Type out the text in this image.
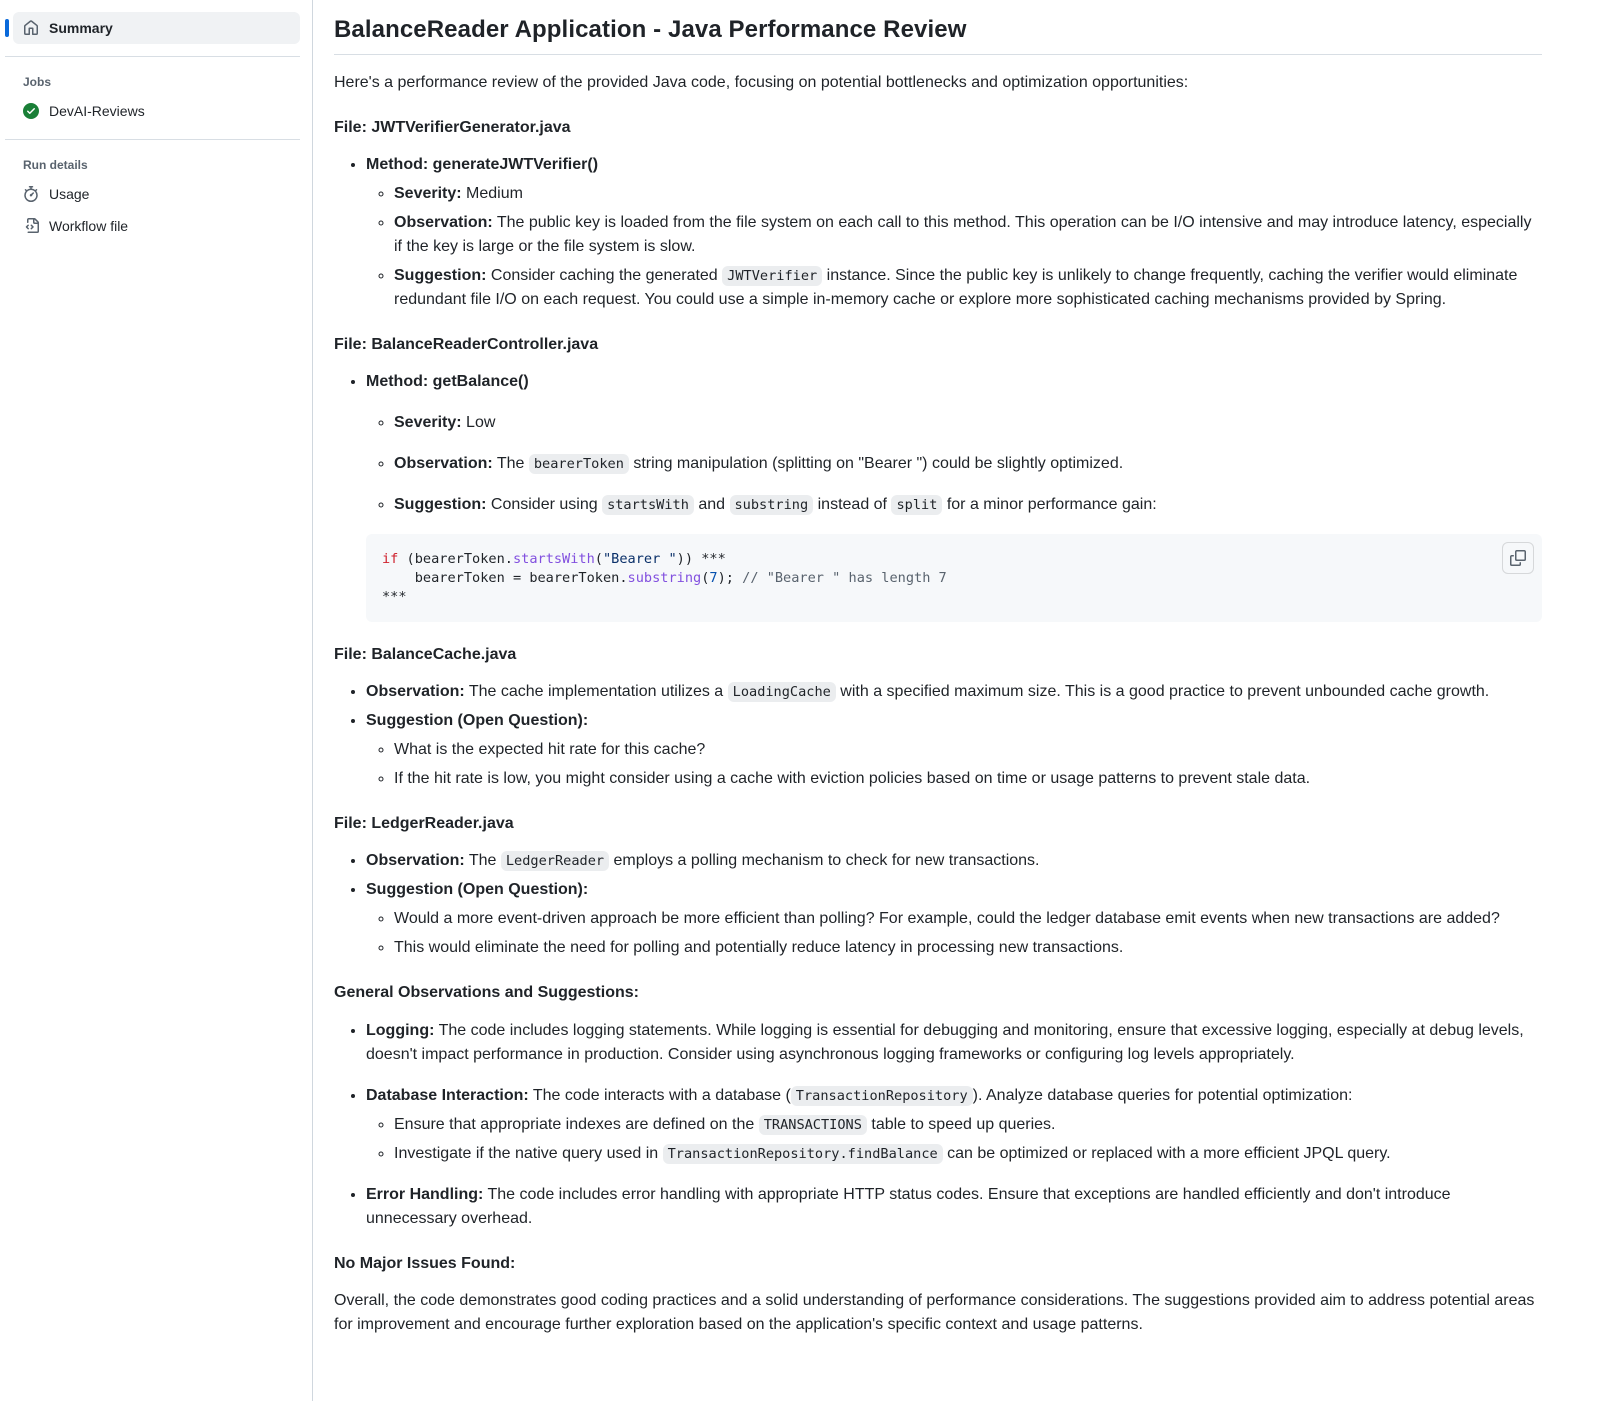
Summary
Jobs
DevAI-Reviews
Run details
Usage
Workflow file
BalanceReader Application - Java Performance Review

Here's a performance review of the provided Java code, focusing on potential bottlenecks and optimization opportunities:

File: JWTVerifierGenerator.java
• Method: generateJWTVerifier()
◦ Severity: Medium
◦ Observation: The public key is loaded from the file system on each call to this method. This operation can be I/O intensive and may introduce latency, especially if the key is large or the file system is slow.
◦ Suggestion: Consider caching the generated JWTVerifier instance. Since the public key is unlikely to change frequently, caching the verifier would eliminate redundant file I/O on each request. You could use a simple in-memory cache or explore more sophisticated caching mechanisms provided by Spring.
File: BalanceReaderController.java
• Method: getBalance()
◦ Severity: Low
◦ Observation: The bearerToken string manipulation (splitting on "Bearer ") could be slightly optimized.
◦ Suggestion: Consider using startsWith and substring instead of split for a minor performance gain:
if (bearerToken.startsWith("Bearer ")) ***
bearerToken = bearerToken.substring(7); // "Bearer " has length 7
***
File: BalanceCache.java
• Observation: The cache implementation utilizes a LoadingCache with a specified maximum size. This is a good practice to prevent unbounded cache growth.
• Suggestion (Open Question):
◦ What is the expected hit rate for this cache?
◦ If the hit rate is low, you might consider using a cache with eviction policies based on time or usage patterns to prevent stale data.
File: LedgerReader.java
• Observation: The LedgerReader employs a polling mechanism to check for new transactions.
• Suggestion (Open Question):
◦ Would a more event-driven approach be more efficient than polling? For example, could the ledger database emit events when new transactions are added?
◦ This would eliminate the need for polling and potentially reduce latency in processing new transactions.
General Observations and Suggestions:
• Logging: The code includes logging statements. While logging is essential for debugging and monitoring, ensure that excessive logging, especially at debug levels, doesn't impact performance in production. Consider using asynchronous logging frameworks or configuring log levels appropriately.
• Database Interaction: The code interacts with a database ( TransactionRepository ). Analyze database queries for potential optimization:
◦ Ensure that appropriate indexes are defined on the TRANSACTIONS table to speed up queries.
◦ Investigate if the native query used in TransactionRepository.findBalance can be optimized or replaced with a more efficient JPQL query.
• Error Handling: The code includes error handling with appropriate HTTP status codes. Ensure that exceptions are handled efficiently and don't introduce unnecessary overhead.
No Major Issues Found:

Overall, the code demonstrates good coding practices and a solid understanding of performance considerations. The suggestions provided aim to address potential areas for improvement and encourage further exploration based on the application's specific context and usage patterns.
